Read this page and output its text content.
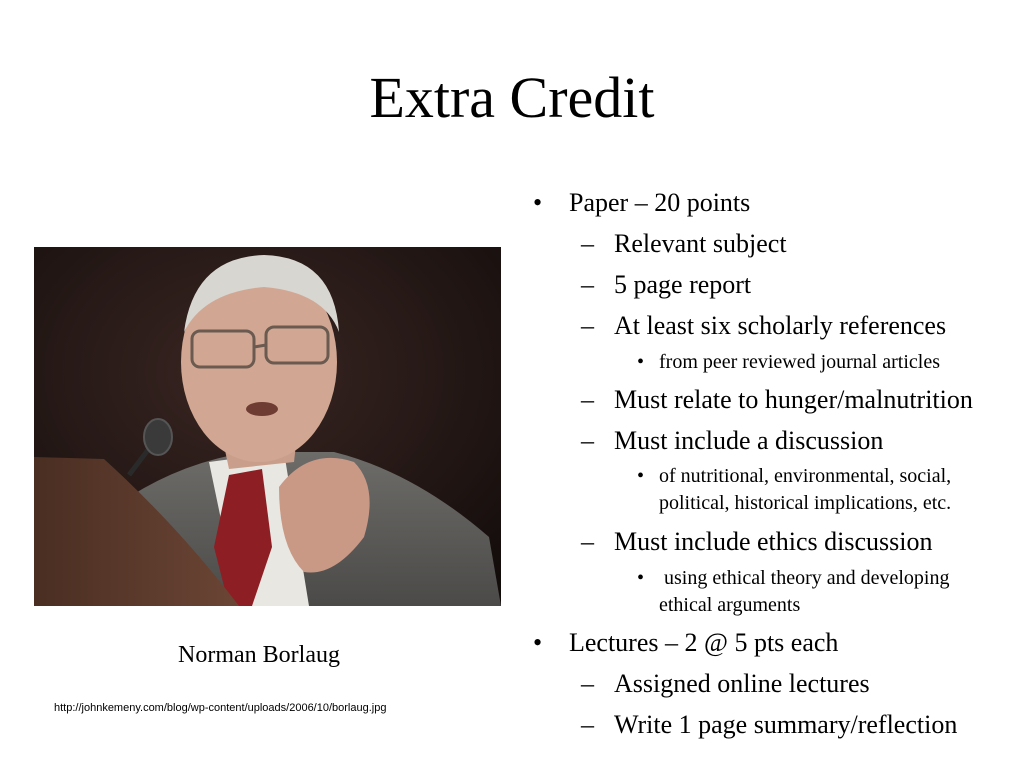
Extra Credit
Norman Borlaug
http://johnkemeny.com/blog/wp-content/uploads/2006/10/borlaug.jpg
• Paper – 20 points
– Relevant subject
– 5 page report
– At least six scholarly references
• from peer reviewed journal articles
– Must relate to hunger/malnutrition
– Must include a discussion
• of nutritional, environmental, social,
political, historical implications, etc.
– Must include ethics discussion
• using ethical theory and developing
ethical arguments
• Lectures – 2 @ 5 pts each
– Assigned online lectures
– Write 1 page summary/reflection
